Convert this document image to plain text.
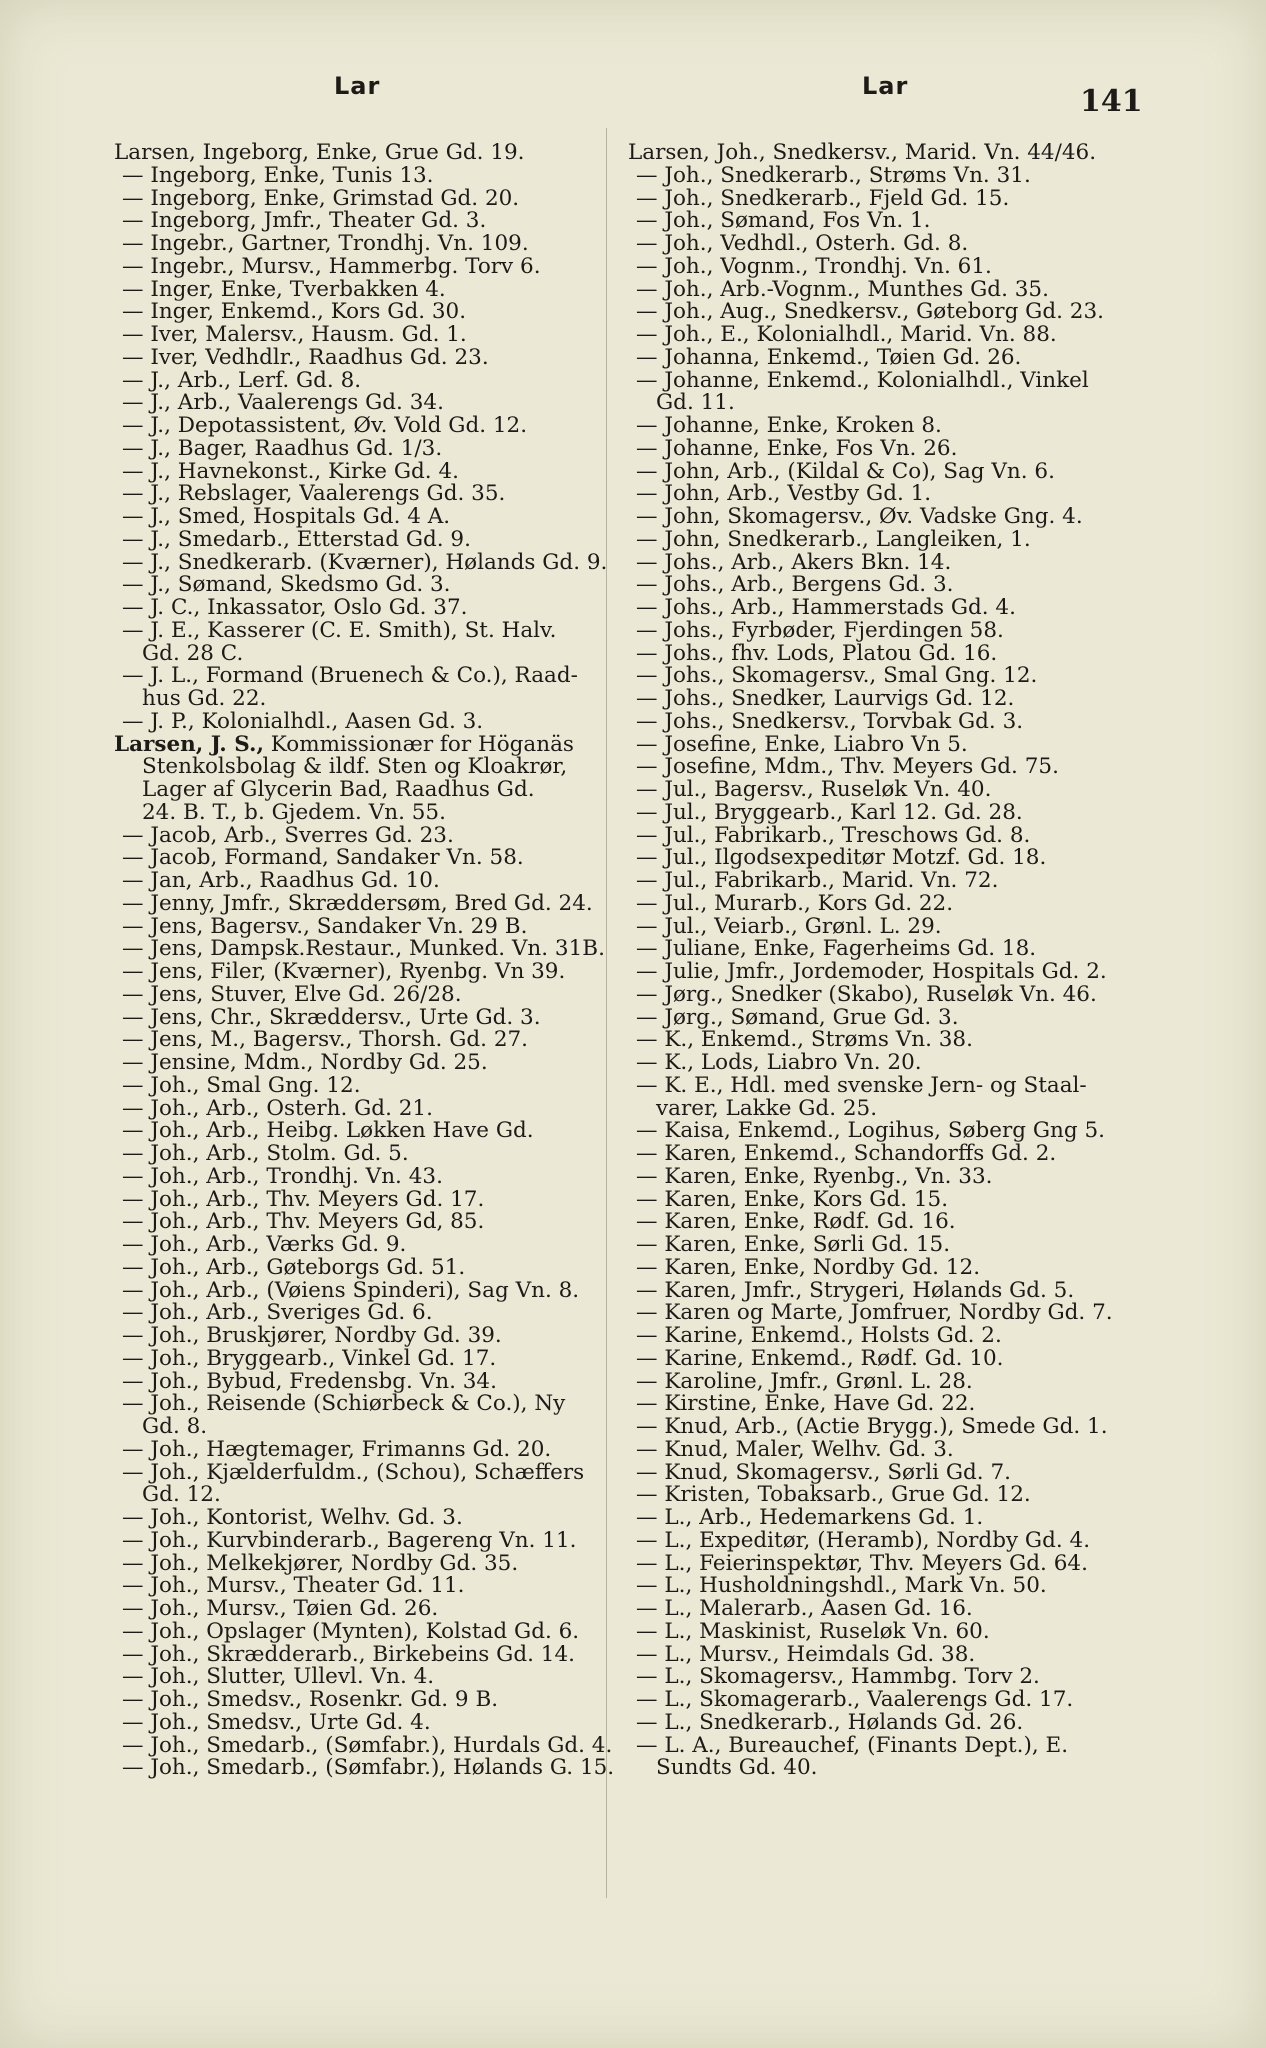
Lar	Lar	141
Larsen, Ingeborg, Enke, Grue Gd. 19.
— Ingeborg, Enke, Tunis 13.
— Ingeborg, Enke, Grimstad Gd. 20.
— Ingeborg, Jmfr., Theater Gd. 3.
— Ingebr., Gartner, Trondhj. Vn. 109.
— Ingebr., Mursv., Hammerbg. Torv 6.
— Inger, Enke, Tverbakken 4.
— Inger, Enkemd., Kors Gd. 30.
— Iver, Malersv., Hausm. Gd. 1.
— Iver, Vedhdlr., Raadhus Gd. 23.
— J., Arb., Lerf. Gd. 8.
— J., Arb., Vaalerengs Gd. 34.
— J., Depotassistent, Øv. Vold Gd. 12.
— J., Bager, Raadhus Gd. 1/3.
— J., Havnekonst., Kirke Gd. 4.
— J., Rebslager, Vaalerengs Gd. 35.
— J., Smed, Hospitals Gd. 4 A.
— J., Smedarb., Etterstad Gd. 9.
— J., Snedkerarb. (Kværner), Hølands Gd. 9.
— J., Sømand, Skedsmo Gd. 3.
— J. C., Inkassator, Oslo Gd. 37.
— J. E., Kasserer (C. E. Smith), St. Halv.
Gd. 28 C.
— J. L., Formand (Bruenech & Co.), Raad-
hus Gd. 22.
— J. P., Kolonialhdl., Aasen Gd. 3.
Larsen, J. S., Kommissionær for Höganäs
Stenkolsbolag & ildf. Sten og Kloakrør,
Lager af Glycerin Bad, Raadhus Gd.
24. B. T., b. Gjedem. Vn. 55.
— Jacob, Arb., Sverres Gd. 23.
— Jacob, Formand, Sandaker Vn. 58.
— Jan, Arb., Raadhus Gd. 10.
— Jenny, Jmfr., Skræddersøm, Bred Gd. 24.
— Jens, Bagersv., Sandaker Vn. 29 B.
— Jens, Dampsk.Restaur., Munked. Vn. 31B.
— Jens, Filer, (Kværner), Ryenbg. Vn 39.
— Jens, Stuver, Elve Gd. 26/28.
— Jens, Chr., Skræddersv., Urte Gd. 3.
— Jens, M., Bagersv., Thorsh. Gd. 27.
— Jensine, Mdm., Nordby Gd. 25.
— Joh., Smal Gng. 12.
— Joh., Arb., Osterh. Gd. 21.
— Joh., Arb., Heibg. Løkken Have Gd.
— Joh., Arb., Stolm. Gd. 5.
— Joh., Arb., Trondhj. Vn. 43.
— Joh., Arb., Thv. Meyers Gd. 17.
— Joh., Arb., Thv. Meyers Gd, 85.
— Joh., Arb., Værks Gd. 9.
— Joh., Arb., Gøteborgs Gd. 51.
— Joh., Arb., (Vøiens Spinderi), Sag Vn. 8.
— Joh., Arb., Sveriges Gd. 6.
— Joh., Bruskjører, Nordby Gd. 39.
— Joh., Bryggearb., Vinkel Gd. 17.
— Joh., Bybud, Fredensbg. Vn. 34.
— Joh., Reisende (Schiørbeck & Co.), Ny
Gd. 8.
— Joh., Hægtemager, Frimanns Gd. 20.
— Joh., Kjælderfuldm., (Schou), Schæffers
Gd. 12.
— Joh., Kontorist, Welhv. Gd. 3.
— Joh., Kurvbinderarb., Bagereng Vn. 11.
— Joh., Melkekjører, Nordby Gd. 35.
— Joh., Mursv., Theater Gd. 11.
— Joh., Mursv., Tøien Gd. 26.
— Joh., Opslager (Mynten), Kolstad Gd. 6.
— Joh., Skrædderarb., Birkebeins Gd. 14.
— Joh., Slutter, Ullevl. Vn. 4.
— Joh., Smedsv., Rosenkr. Gd. 9 B.
— Joh., Smedsv., Urte Gd. 4.
— Joh., Smedarb., (Sømfabr.), Hurdals Gd. 4.
— Joh., Smedarb., (Sømfabr.), Hølands G. 15.
Larsen, Joh., Snedkersv., Marid. Vn. 44/46.
— Joh., Snedkerarb., Strøms Vn. 31.
— Joh., Snedkerarb., Fjeld Gd. 15.
— Joh., Sømand, Fos Vn. 1.
— Joh., Vedhdl., Osterh. Gd. 8.
— Joh., Vognm., Trondhj. Vn. 61.
— Joh., Arb.-Vognm., Munthes Gd. 35.
— Joh., Aug., Snedkersv., Gøteborg Gd. 23.
— Joh., E., Kolonialhdl., Marid. Vn. 88.
— Johanna, Enkemd., Tøien Gd. 26.
— Johanne, Enkemd., Kolonialhdl., Vinkel
Gd. 11.
— Johanne, Enke, Kroken 8.
— Johanne, Enke, Fos Vn. 26.
— John, Arb., (Kildal & Co), Sag Vn. 6.
— John, Arb., Vestby Gd. 1.
— John, Skomagersv., Øv. Vadske Gng. 4.
— John, Snedkerarb., Langleiken, 1.
— Johs., Arb., Akers Bkn. 14.
— Johs., Arb., Bergens Gd. 3.
— Johs., Arb., Hammerstads Gd. 4.
— Johs., Fyrbøder, Fjerdingen 58.
— Johs., fhv. Lods, Platou Gd. 16.
— Johs., Skomagersv., Smal Gng. 12.
— Johs., Snedker, Laurvigs Gd. 12.
— Johs., Snedkersv., Torvbak Gd. 3.
— Josefine, Enke, Liabro Vn 5.
— Josefine, Mdm., Thv. Meyers Gd. 75.
— Jul., Bagersv., Ruseløk Vn. 40.
— Jul., Bryggearb., Karl 12. Gd. 28.
— Jul., Fabrikarb., Treschows Gd. 8.
— Jul., Ilgodsexpeditør Motzf. Gd. 18.
— Jul., Fabrikarb., Marid. Vn. 72.
— Jul., Murarb., Kors Gd. 22.
— Jul., Veiarb., Grønl. L. 29.
— Juliane, Enke, Fagerheims Gd. 18.
— Julie, Jmfr., Jordemoder, Hospitals Gd. 2.
— Jørg., Snedker (Skabo), Ruseløk Vn. 46.
— Jørg., Sømand, Grue Gd. 3.
— K., Enkemd., Strøms Vn. 38.
— K., Lods, Liabro Vn. 20.
— K. E., Hdl. med svenske Jern- og Staal-
varer, Lakke Gd. 25.
— Kaisa, Enkemd., Logihus, Søberg Gng 5.
— Karen, Enkemd., Schandorffs Gd. 2.
— Karen, Enke, Ryenbg., Vn. 33.
— Karen, Enke, Kors Gd. 15.
— Karen, Enke, Rødf. Gd. 16.
— Karen, Enke, Sørli Gd. 15.
— Karen, Enke, Nordby Gd. 12.
— Karen, Jmfr., Strygeri, Hølands Gd. 5.
— Karen og Marte, Jomfruer, Nordby Gd. 7.
— Karine, Enkemd., Holsts Gd. 2.
— Karine, Enkemd., Rødf. Gd. 10.
— Karoline, Jmfr., Grønl. L. 28.
— Kirstine, Enke, Have Gd. 22.
— Knud, Arb., (Actie Brygg.), Smede Gd. 1.
— Knud, Maler, Welhv. Gd. 3.
— Knud, Skomagersv., Sørli Gd. 7.
— Kristen, Tobaksarb., Grue Gd. 12.
— L., Arb., Hedemarkens Gd. 1.
— L., Expeditør, (Heramb), Nordby Gd. 4.
— L., Feierinspektør, Thv. Meyers Gd. 64.
— L., Husholdningshdl., Mark Vn. 50.
— L., Malerarb., Aasen Gd. 16.
— L., Maskinist, Ruseløk Vn. 60.
— L., Mursv., Heimdals Gd. 38.
— L., Skomagersv., Hammbg. Torv 2.
— L., Skomagerarb., Vaalerengs Gd. 17.
— L., Snedkerarb., Hølands Gd. 26.
— L. A., Bureauchef, (Finants Dept.), E.
Sundts Gd. 40.
